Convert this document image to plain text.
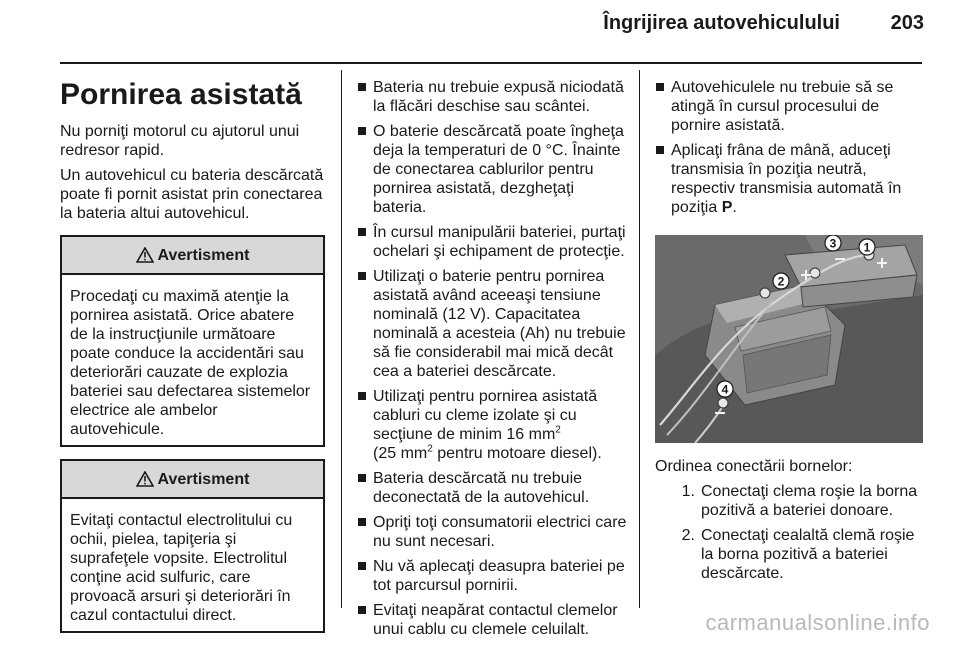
Îngrijirea autovehiculului	203
Pornirea asistată

Nu porniţi motorul cu ajutorul unui redresor rapid.

Un autovehicul cu bateria descărcată poate fi pornit asistat prin conectarea la bateria altui autovehicul.

Avertisment
Procedaţi cu maximă atenţie la pornirea asistată. Orice abatere de la instrucţiunile următoare poate conduce la accidentări sau deteriorări cauzate de explozia bateriei sau defectarea sistemelor electrice ale ambelor autovehicule.
Avertisment
Evitaţi contactul electrolitului cu ochii, pielea, tapiţeria şi suprafeţele vopsite. Electrolitul conţine acid sulfuric, care provoacă arsuri şi deteriorări în cazul contactului direct.
Bateria nu trebuie expusă niciodată la flăcări deschise sau scântei.
O baterie descărcată poate îngheţa deja la temperaturi de 0 °C. Înainte de conectarea cablurilor pentru pornirea asistată, dezgheţaţi bateria.
În cursul manipulării bateriei, purtaţi ochelari şi echipament de protecţie.
Utilizaţi o baterie pentru pornirea asistată având aceeaşi tensiune nominală (12 V). Capacitatea nominală a acesteia (Ah) nu trebuie să fie considerabil mai mică decât cea a bateriei descărcate.
Utilizaţi pentru pornirea asistată cabluri cu cleme izolate şi cu secţiune de minim 16 $mm^2$
(25 $mm^2$ pentru motoare diesel).
Bateria descărcată nu trebuie deconectată de la autovehicul.
Opriţi toţi consumatorii electrici care nu sunt necesari.
Nu vă aplecaţi deasupra bateriei pe tot parcursul pornirii.
Evitaţi neapărat contactul clemelor unui cablu cu clemele celuilalt.
Autovehiculele nu trebuie să se atingă în cursul procesului de pornire asistată.
Aplicaţi frâna de mână, aduceţi transmisia în poziţia neutră, respectiv transmisia automată în poziţia P.
1
2
3
4

Ordinea conectării bornelor:

1. Conectaţi clema roşie la borna pozitivă a bateriei donoare.
2. Conectaţi cealaltă clemă roşie la borna pozitivă a bateriei descărcate.
carmanualsonline.info
